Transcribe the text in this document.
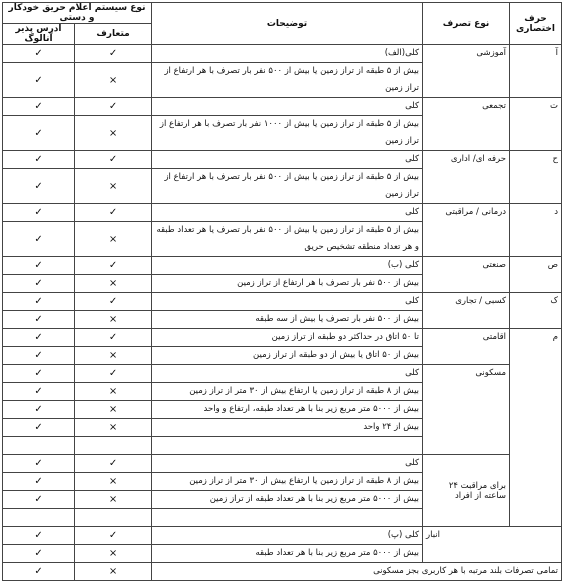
حرف اختصاری	نوع تصرف	توضیحات	نوع سیستم اعلام حریق خودکار و دستی	
			متعارف	آدرس پذیر آنالوگ
آ	آموزشی	کلی(الف)	✓	✓
		بیش از ۵ طبقه از تراز زمین یا بیش از ۵۰۰ نفر بار تصرف با هر ارتفاع از تراز زمین	×	✓
ت	تجمعی	کلی	✓	✓
		بیش از ۵ طبقه از تراز زمین یا بیش از ۱۰۰۰ نفر بار تصرف با هر ارتفاع از تراز زمین	×	✓
ح	حرفه ای/ اداری	کلی	✓	✓
		بیش از ۵ طبقه از تراز زمین یا بیش از ۵۰۰ نفر بار تصرف با هر ارتفاع از تراز زمین	×	✓
د	درمانی / مراقبتی	کلی	✓	✓
		بیش از ۵ طبقه از تراز زمین یا بیش از ۵۰۰ نفر بار تصرف یا هر تعداد طبقه و هر تعداد منطقه تشخیص حریق	×	✓
ص	صنعتی	کلی (ب)	✓	✓
		بیش از ۵۰۰ نفر بار تصرف با هر ارتفاع از تراز زمین	×	✓
ک	کسبی / تجاری	کلی	✓	✓
		بیش از ۵۰۰ نفر بار تصرف یا بیش از سه طبقه	×	✓
م	اقامتی	تا ۵۰ اتاق در حداکثر دو طبقه از تراز زمین	✓	✓
		بیش از ۵۰ اتاق یا بیش از دو طبقه از تراز زمین	×	✓
	مسکونی	کلی	✓	✓
		بیش از ۸ طبقه از تراز زمین یا ارتفاع بیش از ۳۰ متر از تراز زمین	×	✓
		بیش از ۵۰۰۰ متر مربع زیر بنا با هر تعداد طبقه، ارتفاع و واحد	×	✓
		بیش از ۲۴ واحد	×	✓

	برای مراقبت ۲۴ ساعته از افراد	کلی	✓	✓
		بیش از ۸ طبقه از تراز زمین یا ارتفاع بیش از ۳۰ متر از تراز زمین	×	✓
		بیش از ۵۰۰۰ متر مربع زیر بنا با هر تعداد طبقه از تراز زمین	×	✓

انبار		کلی (پ)	✓	✓
		بیش از ۵۰۰۰ متر مربع زیر بنا با هر تعداد طبقه	×	✓
تمامی تصرفات بلند مرتبه با هر کاربری بجز مسکونی			×	✓
